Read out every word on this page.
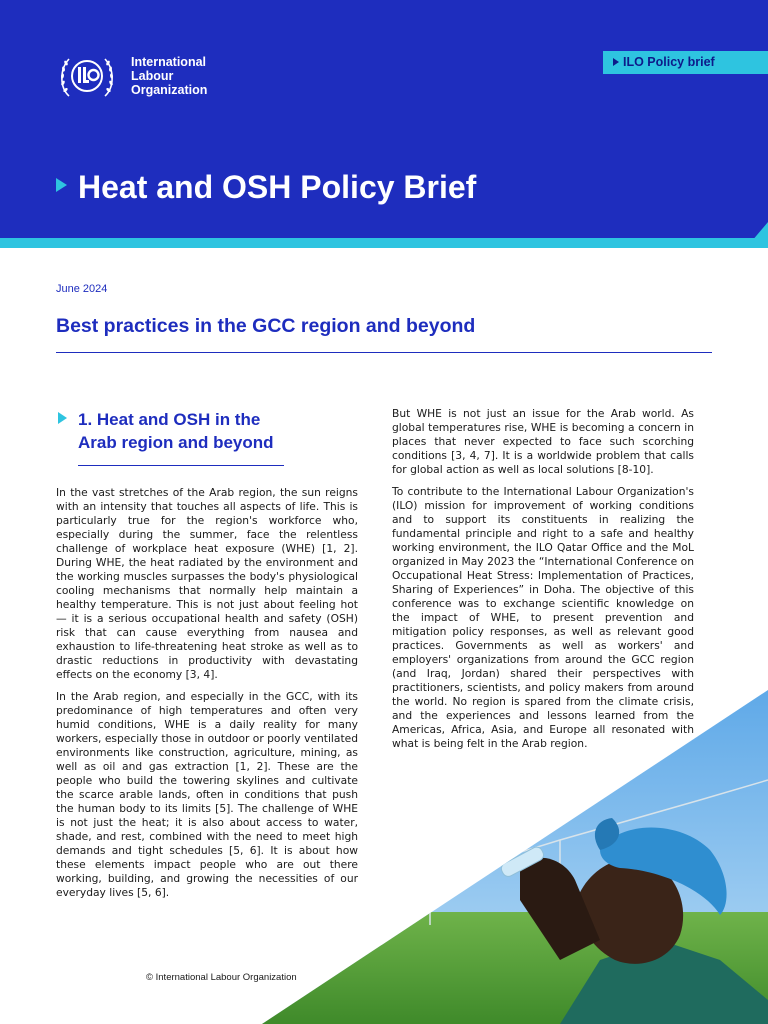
International
Labour
Organization
ILO Policy brief
Heat and OSH Policy Brief
June 2024
Best practices in the GCC region and beyond
1. Heat and OSH in the
Arab region and beyond

In the vast stretches of the Arab region, the sun reigns with an intensity that touches all aspects of life. This is particularly true for the region's workforce who, especially during the summer, face the relentless challenge of workplace heat exposure (WHE) [1, 2]. During WHE, the heat radiated by the environment and the working muscles surpasses the body's physiological cooling mechanisms that normally help maintain a healthy temperature. This is not just about feeling hot — it is a serious occupational health and safety (OSH) risk that can cause everything from nausea and exhaustion to life-threatening heat stroke as well as to drastic reductions in productivity with devastating effects on the economy [3, 4].

In the Arab region, and especially in the GCC, with its predominance of high temperatures and often very humid conditions, WHE is a daily reality for many workers, especially those in outdoor or poorly ventilated environments like construction, agriculture, mining, as well as oil and gas extraction [1, 2]. These are the people who build the towering skylines and cultivate the scarce arable lands, often in conditions that push the human body to its limits [5]. The challenge of WHE is not just the heat; it is also about access to water, shade, and rest, combined with the need to meet high demands and tight schedules [5, 6]. It is about how these elements impact people who are out there working, building, and growing the necessities of our everyday lives [5, 6].

But WHE is not just an issue for the Arab world. As global temperatures rise, WHE is becoming a concern in places that never expected to face such scorching conditions [3, 4, 7]. It is a worldwide problem that calls for global action as well as local solutions [8-10].

To contribute to the International Labour Organization's (ILO) mission for improvement of working conditions and to support its constituents in realizing the fundamental principle and right to a safe and healthy working environment, the ILO Qatar Office and the MoL organized in May 2023 the “International Conference on Occupational Heat Stress: Implementation of Practices, Sharing of Experiences” in Doha. The objective of this conference was to exchange scientific knowledge on the impact of WHE, to present prevention and mitigation policy responses, as well as relevant good practices. Governments as well as workers' and employers' organizations from around the GCC region (and Iraq, Jordan) shared their perspectives with practitioners, scientists, and policy makers from around the world. No region is spared from the climate crisis, and the experiences and lessons learned from the Americas, Africa, Asia, and Europe all resonated with what is being felt in the Arab region.

© International Labour Organization
